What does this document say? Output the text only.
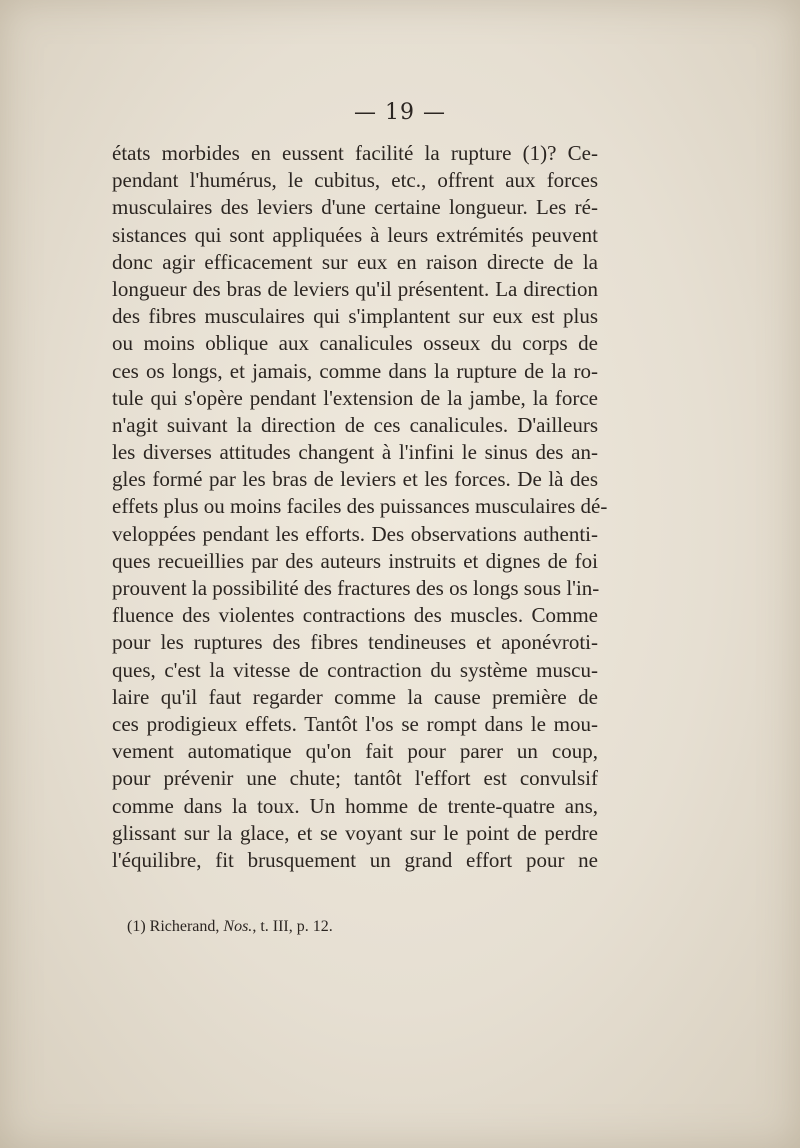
— 19 —
états morbides en eussent facilité la rupture (1)? Ce-
pendant l'humérus, le cubitus, etc., offrent aux forces
musculaires des leviers d'une certaine longueur. Les ré-
sistances qui sont appliquées à leurs extrémités peuvent
donc agir efficacement sur eux en raison directe de la
longueur des bras de leviers qu'il présentent. La direction
des fibres musculaires qui s'implantent sur eux est plus
ou moins oblique aux canalicules osseux du corps de
ces os longs, et jamais, comme dans la rupture de la ro-
tule qui s'opère pendant l'extension de la jambe, la force
n'agit suivant la direction de ces canalicules. D'ailleurs
les diverses attitudes changent à l'infini le sinus des an-
gles formé par les bras de leviers et les forces. De là des
effets plus ou moins faciles des puissances musculaires dé-
veloppées pendant les efforts. Des observations authenti-
ques recueillies par des auteurs instruits et dignes de foi
prouvent la possibilité des fractures des os longs sous l'in-
fluence des violentes contractions des muscles. Comme
pour les ruptures des fibres tendineuses et aponévroti-
ques, c'est la vitesse de contraction du système muscu-
laire qu'il faut regarder comme la cause première de
ces prodigieux effets. Tantôt l'os se rompt dans le mou-
vement automatique qu'on fait pour parer un coup,
pour prévenir une chute; tantôt l'effort est convulsif
comme dans la toux. Un homme de trente-quatre ans,
glissant sur la glace, et se voyant sur le point de perdre
l'équilibre, fit brusquement un grand effort pour ne
(1) Richerand, Nos., t. III, p. 12.
